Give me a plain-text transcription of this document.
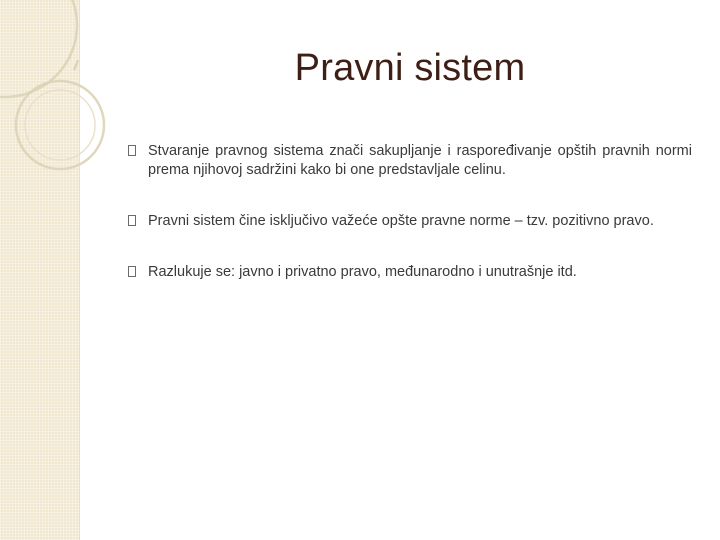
Pravni sistem
Stvaranje pravnog sistema znači sakupljanje i raspoređivanje opštih pravnih normi prema njihovoj sadržini kako bi one predstavljale celinu.
Pravni sistem čine isključivo važeće opšte pravne norme – tzv. pozitivno pravo.
Razlukuje se: javno i privatno pravo, međunarodno i unutrašnje itd.
